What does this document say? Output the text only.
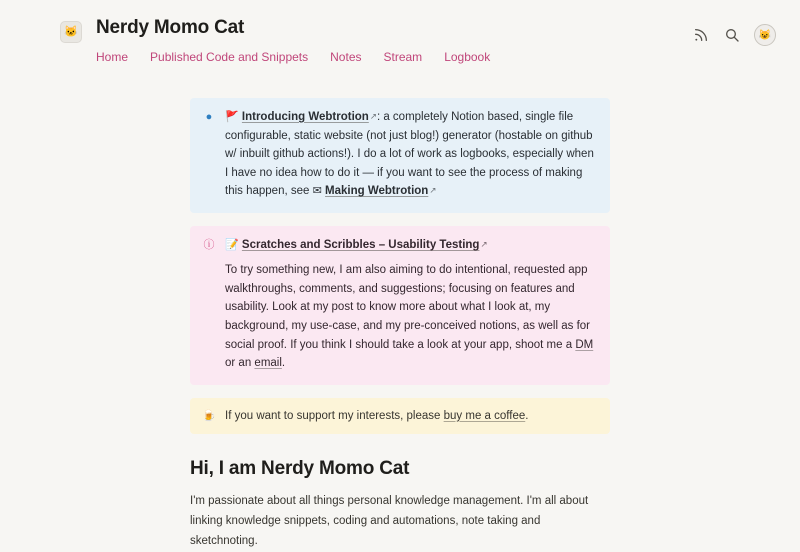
🐱 Nerdy Momo Cat
Home Published Code and Snippets Notes Stream Logbook
😺
●	🚩 Introducing Webtrotion↗: a completely Notion based, single file configurable, static website (not just blog!) generator (hostable on github w/ inbuilt github actions!). I do a lot of work as logbooks, especially when I have no idea how to do it — if you want to see the process of making this happen, see ✉ Making Webtrotion↗
ⓘ 📝 Scratches and Scribbles – Usability Testing↗
To try something new, I am also aiming to do intentional, requested app walkthroughs, comments, and suggestions; focusing on features and usability. Look at my post to know more about what I look at, my background, my use-case, and my pre-conceived notions, as well as for social proof. If you think I should take a look at your app, shoot me a DM or an email.
🍺 If you want to support my interests, please buy me a coffee.
Hi, I am Nerdy Momo Cat

I'm passionate about all things personal knowledge management. I'm all about linking knowledge snippets, coding and automations, note taking and sketchnoting.
